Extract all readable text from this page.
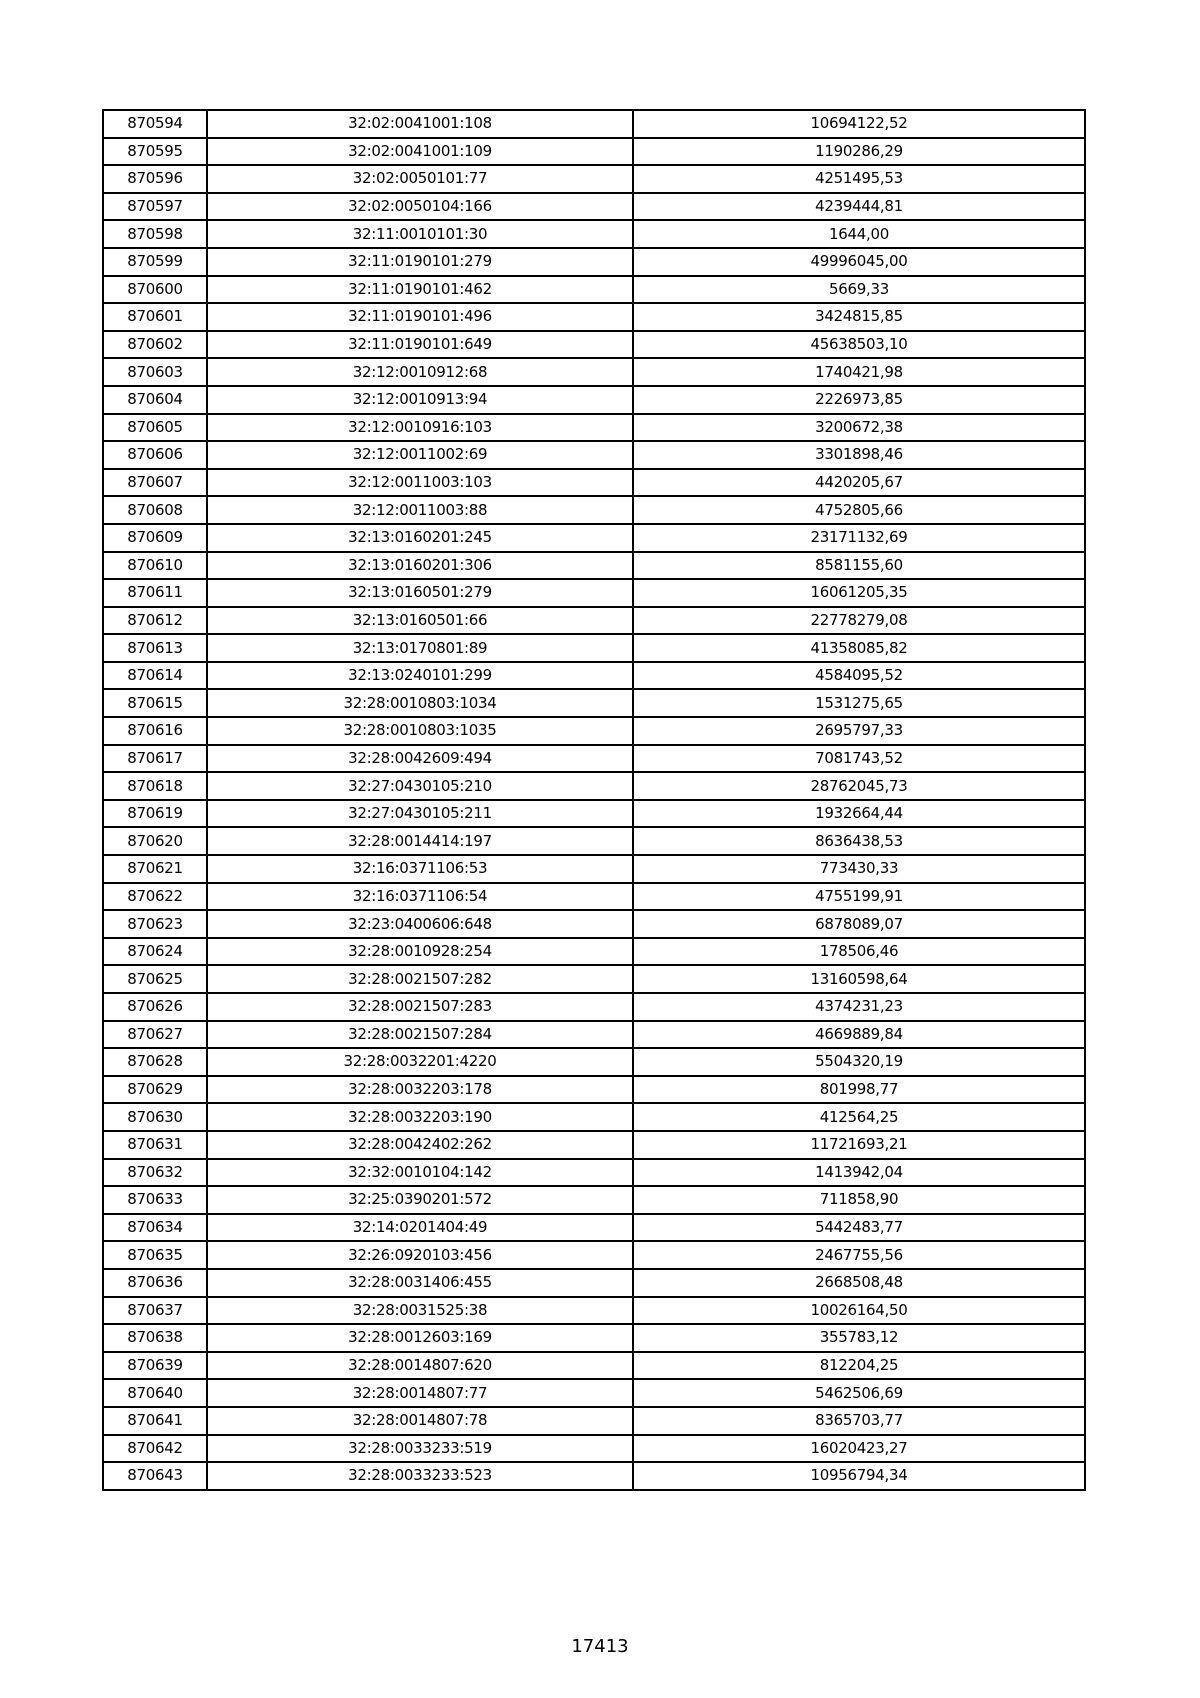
870594	32:02:0041001:108	10694122,52
870595	32:02:0041001:109	1190286,29
870596	32:02:0050101:77	4251495,53
870597	32:02:0050104:166	4239444,81
870598	32:11:0010101:30	1644,00
870599	32:11:0190101:279	49996045,00
870600	32:11:0190101:462	5669,33
870601	32:11:0190101:496	3424815,85
870602	32:11:0190101:649	45638503,10
870603	32:12:0010912:68	1740421,98
870604	32:12:0010913:94	2226973,85
870605	32:12:0010916:103	3200672,38
870606	32:12:0011002:69	3301898,46
870607	32:12:0011003:103	4420205,67
870608	32:12:0011003:88	4752805,66
870609	32:13:0160201:245	23171132,69
870610	32:13:0160201:306	8581155,60
870611	32:13:0160501:279	16061205,35
870612	32:13:0160501:66	22778279,08
870613	32:13:0170801:89	41358085,82
870614	32:13:0240101:299	4584095,52
870615	32:28:0010803:1034	1531275,65
870616	32:28:0010803:1035	2695797,33
870617	32:28:0042609:494	7081743,52
870618	32:27:0430105:210	28762045,73
870619	32:27:0430105:211	1932664,44
870620	32:28:0014414:197	8636438,53
870621	32:16:0371106:53	773430,33
870622	32:16:0371106:54	4755199,91
870623	32:23:0400606:648	6878089,07
870624	32:28:0010928:254	178506,46
870625	32:28:0021507:282	13160598,64
870626	32:28:0021507:283	4374231,23
870627	32:28:0021507:284	4669889,84
870628	32:28:0032201:4220	5504320,19
870629	32:28:0032203:178	801998,77
870630	32:28:0032203:190	412564,25
870631	32:28:0042402:262	11721693,21
870632	32:32:0010104:142	1413942,04
870633	32:25:0390201:572	711858,90
870634	32:14:0201404:49	5442483,77
870635	32:26:0920103:456	2467755,56
870636	32:28:0031406:455	2668508,48
870637	32:28:0031525:38	10026164,50
870638	32:28:0012603:169	355783,12
870639	32:28:0014807:620	812204,25
870640	32:28:0014807:77	5462506,69
870641	32:28:0014807:78	8365703,77
870642	32:28:0033233:519	16020423,27
870643	32:28:0033233:523	10956794,34
17413
